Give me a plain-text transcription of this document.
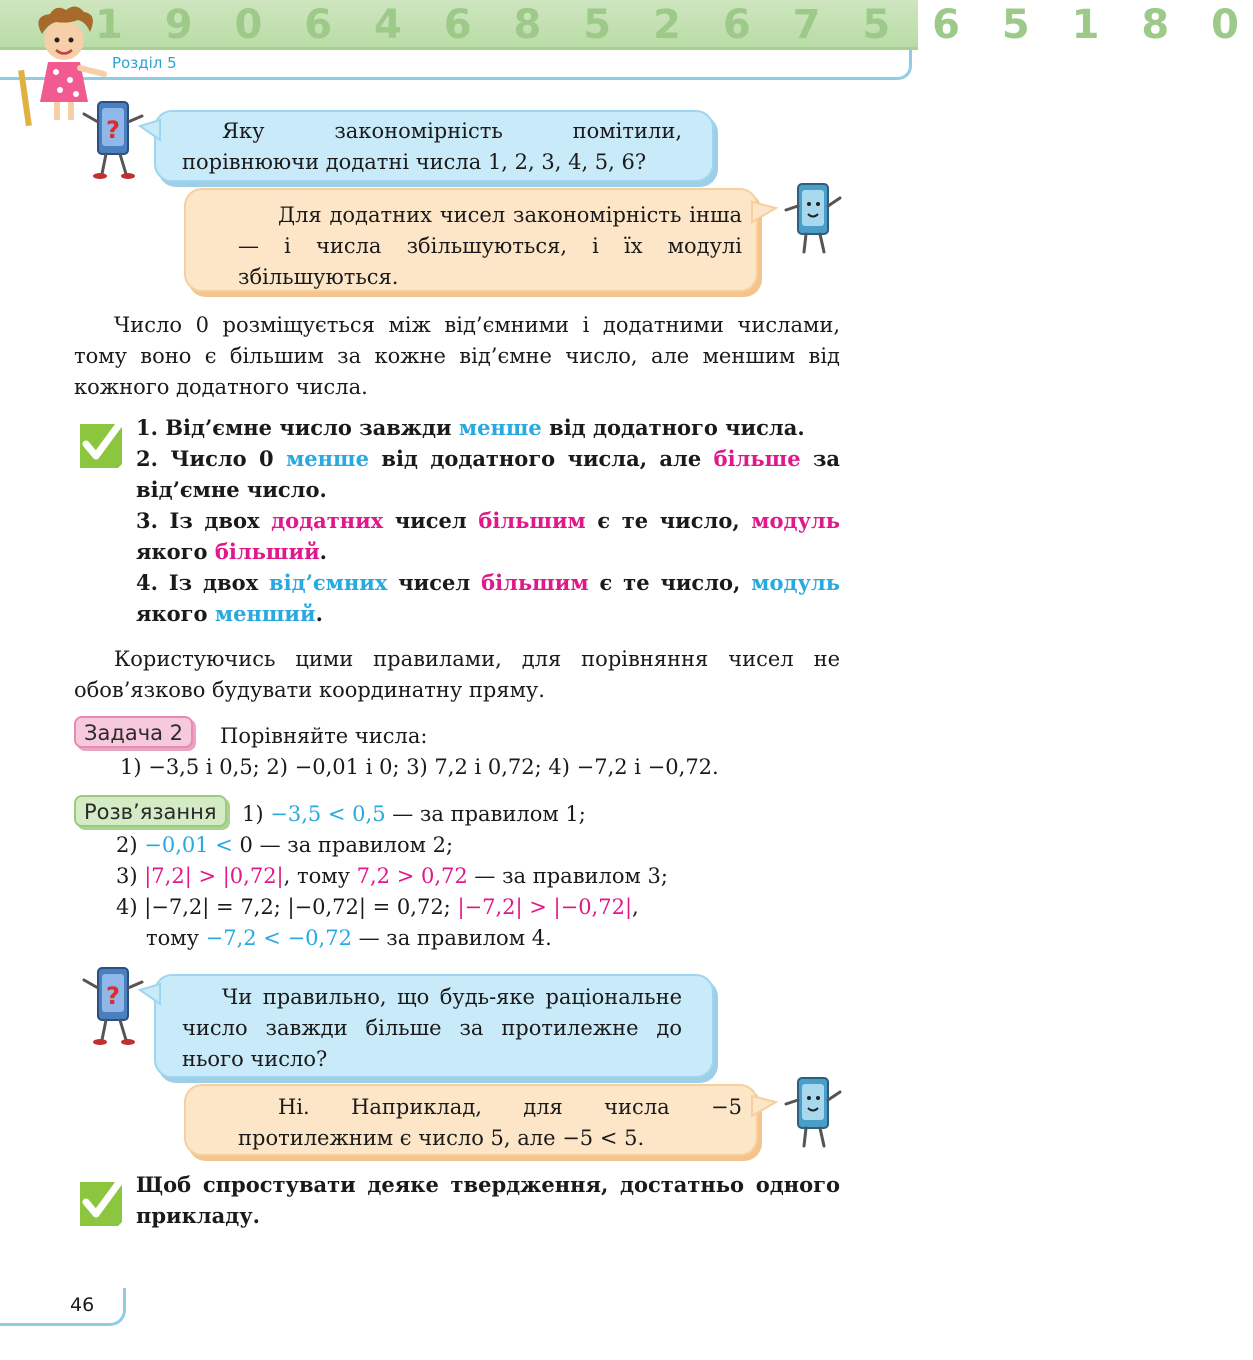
1 9 0 6 4 6 8 5 2 6 7 5 6 5 1 8 0
Розділ 5
?	Яку закономірність помітили, порівнюючи додатні числа 1, 2, 3, 4, 5, 6?

Для додатних чисел закономірність інша — і числа збільшуються, і їх модулі збільшуються.

Число 0 розміщується між від’ємними і додатними числами, тому воно є більшим за кожне від’ємне число, але меншим від кожного додатного числа.

1. Від’ємне число завжди менше від додатного числа.
2. Число 0 менше від додатного числа, але більше за від’ємне число.
3. Із двох додатних чисел більшим є те число, модуль якого більший.
4. Із двох від’ємних чисел більшим є те число, модуль якого менший.

Користуючись цими правилами, для порівняння чисел не обов’язково будувати координатну пряму.

Задача 2	Порівняйте числа:
1) −3,5 і 0,5; 2) −0,01 і 0; 3) 7,2 і 0,72; 4) −7,2 і −0,72.
Розв’язання	1) −3,5 < 0,5 — за правилом 1;
2) −0,01 < 0 — за правилом 2;
3) |7,2| > |0,72|, тому 7,2 > 0,72 — за правилом 3;
4) |−7,2| = 7,2; |−0,72| = 0,72; |−7,2| > |−0,72|,
тому −7,2 < −0,72 — за правилом 4.
?	Чи правильно, що будь-яке раціональне число завжди більше за протилежне до нього число?

Ні. Наприклад, для числа −5 протилежним є число 5, але −5 < 5.

Щоб спростувати деяке твердження, достатньо одного прикладу.
46
